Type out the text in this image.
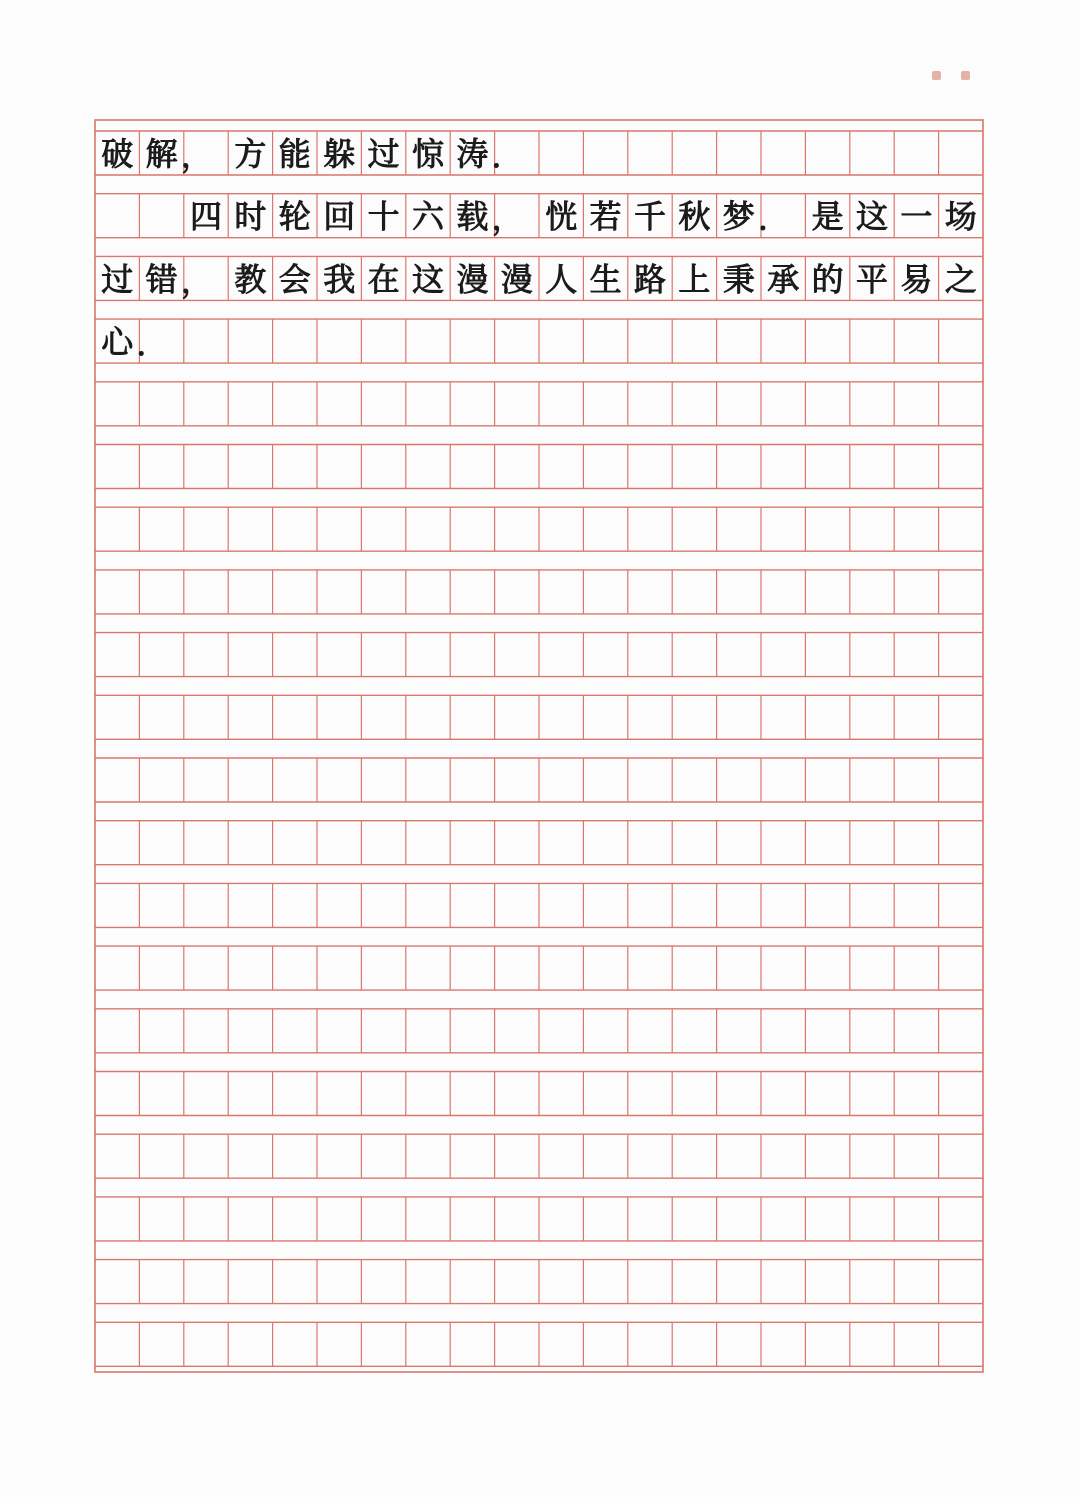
破 解 ， 方 能 躲 过 惊 涛 ．
四 时 轮 回 十 六 载 ， 恍 若 千 秋 梦 ． 是 这 一 场
过 错 ， 教 会 我 在 这 漫 漫 人 生 路 上 秉 承 的 平 易 之
心 ．
